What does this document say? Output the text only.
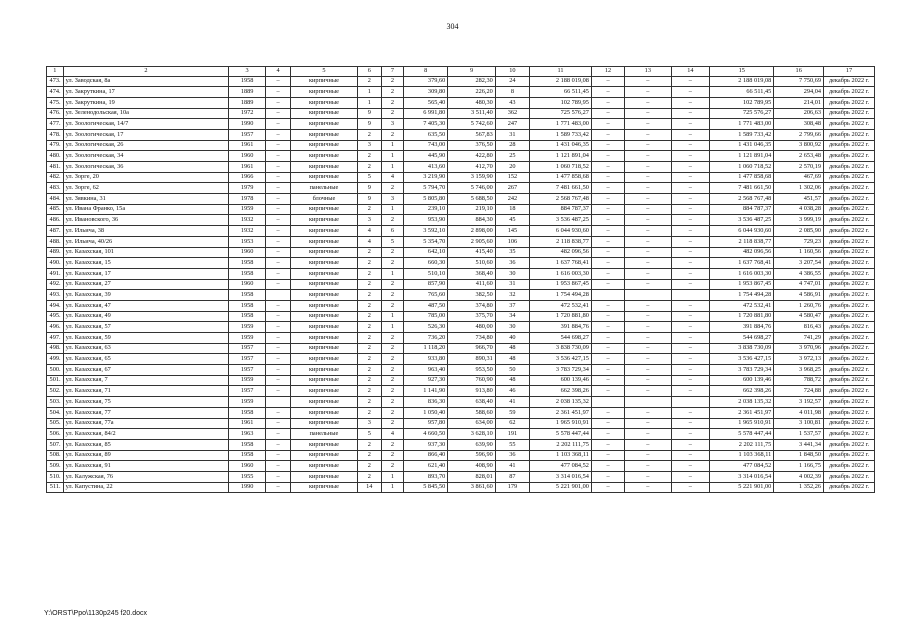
304
1	2	3	4	5	6	7	8	9	10	11	12	13	14	15	16	17
473.	ул. Заводская, 8а	1958	–	кирпичные	2	2	379,60	282,30	24	2 188 019,08	–	–	–	2 188 019,08	7 750,69	декабрь 2022 г.
474.	ул. Закруткина, 17	1889	–	кирпичные	1	2	309,80	226,20	8	66 511,45	–	–	–	66 511,45	294,04	декабрь 2022 г.
475.	ул. Закруткина, 19	1889	–	кирпичные	1	2	565,40	480,30	43	102 789,95	–	–	–	102 789,95	214,01	декабрь 2022 г.
476.	ул. Зеленодольская, 10а	1972	–	кирпичные	9	2	6 991,80	3 511,40	362	725 576,27	–	–	–	725 576,27	206,63	декабрь 2022 г.
477.	ул. Зоологическая, 14/7	1990	–	кирпичные	9	3	7 405,30	5 742,60	247	1 771 483,00	–	–	–	1 771 483,00	308,48	декабрь 2022 г.
478.	ул. Зоологическая, 17	1957	–	кирпичные	2	2	635,50	567,83	31	1 589 733,42	–	–	–	1 589 733,42	2 799,66	декабрь 2022 г.
479.	ул. Зоологическая, 26	1961	–	кирпичные	3	1	743,00	376,50	28	1 431 046,35	–	–	–	1 431 046,35	3 800,92	декабрь 2022 г.
480.	ул. Зоологическая, 34	1960	–	кирпичные	2	1	445,90	422,80	25	1 121 891,04	–	–	–	1 121 891,04	2 653,48	декабрь 2022 г.
481.	ул. Зоологическая, 36	1961	–	кирпичные	2	1	413,60	412,70	20	1 060 718,52	–	–	–	1 060 718,52	2 570,19	декабрь 2022 г.
482.	ул. Зорге, 20	1966	–	кирпичные	5	4	3 219,90	3 159,90	152	1 477 858,68	–	–	–	1 477 858,68	467,69	декабрь 2022 г.
483.	ул. Зорге, 62	1979	–	панельные	9	2	5 794,70	5 746,00	267	7 481 661,50	–	–	–	7 481 661,50	1 302,06	декабрь 2022 г.
484.	ул. Зявкина, 31	1978	–	блочные	9	3	5 805,80	5 688,50	242	2 568 767,48	–	–	–	2 568 767,48	451,57	декабрь 2022 г.
485.	ул. Ивана Франко, 15а	1959	–	кирпичные	2	1	239,10	219,10	18	884 787,37	–	–	–	884 787,37	4 038,28	декабрь 2022 г.
486.	ул. Ивановского, 36	1932	–	кирпичные	3	2	953,90	884,30	45	3 536 487,25	–	–	–	3 536 487,25	3 999,19	декабрь 2022 г.
487.	ул. Ильича, 38	1932	–	кирпичные	4	6	3 592,10	2 898,00	145	6 044 930,60	–	–	–	6 044 930,60	2 085,90	декабрь 2022 г.
488.	ул. Ильича, 40/26	1953	–	кирпичные	4	5	5 354,70	2 905,60	106	2 118 838,77	–	–	–	2 118 838,77	729,23	декабрь 2022 г.
489.	ул. Казахская, 101	1960	–	кирпичные	2	2	642,10	415,40	35	482 096,56	–	–	–	482 096,56	1 160,56	декабрь 2022 г.
490.	ул. Казахская, 15	1958	–	кирпичные	2	2	660,30	510,60	36	1 637 768,41	–	–	–	1 637 768,41	3 207,54	декабрь 2022 г.
491.	ул. Казахская, 17	1958	–	кирпичные	2	1	510,10	368,40	30	1 616 003,30	–	–	–	1 616 003,30	4 386,55	декабрь 2022 г.
492.	ул. Казахская, 27	1960	–	кирпичные	2	2	857,90	411,60	31	1 953 867,45	–	–	–	1 953 867,45	4 747,01	декабрь 2022 г.
493.	ул. Казахская, 39	1958		кирпичные	2	2	765,60	382,50	32	1 754 494,28				1 754 494,28	4 586,91	декабрь 2022 г.
494.	ул. Казахская, 47	1958	–	кирпичные	2	2	487,50	374,80	37	472 532,41	–	–	–	472 532,41	1 260,76	декабрь 2022 г.
495.	ул. Казахская, 49	1958	–	кирпичные	2	1	785,00	375,70	34	1 720 881,80	–	–	–	1 720 881,80	4 580,47	декабрь 2022 г.
496.	ул. Казахская, 57	1959	–	кирпичные	2	1	526,30	480,00	30	391 884,76	–	–	–	391 884,76	816,43	декабрь 2022 г.
497.	ул. Казахская, 59	1959	–	кирпичные	2	2	736,20	734,80	40	544 698,27	–	–	–	544 698,27	741,29	декабрь 2022 г.
498.	ул. Казахская, 63	1957	–	кирпичные	2	2	1 118,20	966,70	48	3 838 730,09	–	–	–	3 838 730,09	3 970,96	декабрь 2022 г.
499.	ул. Казахская, 65	1957	–	кирпичные	2	2	933,80	890,31	48	3 536 427,15	–	–	–	3 536 427,15	3 972,13	декабрь 2022 г.
500.	ул. Казахская, 67	1957	–	кирпичные	2	2	963,40	953,50	50	3 783 729,34	–	–	–	3 783 729,34	3 968,25	декабрь 2022 г.
501.	ул. Казахская, 7	1959	–	кирпичные	2	2	927,30	760,90	48	600 139,46	–	–	–	600 139,46	788,72	декабрь 2022 г.
502.	ул. Казахская, 71	1957	–	кирпичные	2	2	1 141,90	913,80	46	662 398,26	–	–	–	662 398,26	724,88	декабрь 2022 г.
503.	ул. Казахская, 75	1959		кирпичные	2	2	836,30	638,40	41	2 038 135,32				2 038 135,32	3 192,57	декабрь 2022 г.
504.	ул. Казахская, 77	1958	–	кирпичные	2	2	1 050,40	588,60	59	2 361 451,97	–	–	–	2 361 451,97	4 011,98	декабрь 2022 г.
505.	ул. Казахская, 77а	1961	–	кирпичные	3	2	957,80	634,00	62	1 965 910,91	–	–	–	1 965 910,91	3 100,81	декабрь 2022 г.
506.	ул. Казахская, 84/2	1963	–	панельные	5	4	4 660,50	3 628,10	191	5 578 447,44	–	–	–	5 578 447,44	1 537,57	декабрь 2022 г.
507.	ул. Казахская, 85	1958	–	кирпичные	2	2	937,30	639,90	55	2 202 111,75	–	–	–	2 202 111,75	3 441,34	декабрь 2022 г.
508.	ул. Казахская, 89	1958	–	кирпичные	2	2	866,40	596,90	36	1 103 368,11	–	–	–	1 103 368,11	1 848,50	декабрь 2022 г.
509.	ул. Казахская, 91	1960	–	кирпичные	2	2	621,40	408,90	41	477 084,52	–	–	–	477 084,52	1 166,75	декабрь 2022 г.
510.	ул. Калужская, 76	1955	–	кирпичные	2	1	893,70	828,01	87	3 314 016,54	–	–	–	3 314 016,54	4 002,39	декабрь 2022 г.
511.	ул. Капустина, 22	1990	–	кирпичные	14	1	5 845,50	3 861,60	179	5 221 901,00	–	–	–	5 221 901,00	1 352,26	декабрь 2022 г.
Y:\ORST\Ppo\1130p245 f20.docx
